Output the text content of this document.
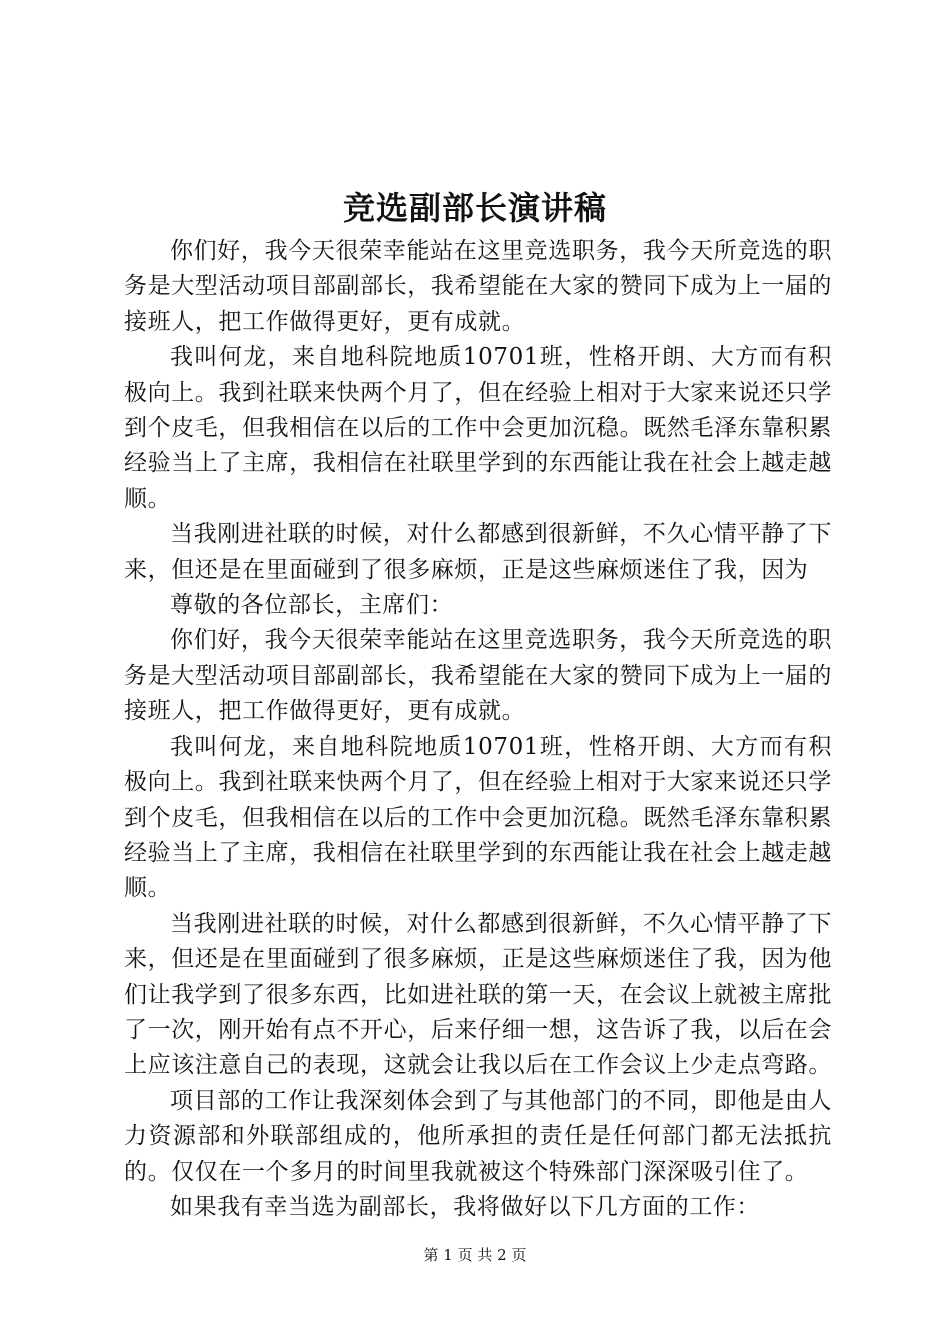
竞选副部长演讲稿

你们好，我今天很荣幸能站在这里竞选职务，我今天所竞选的职务是大型活动项目部副部长，我希望能在大家的赞同下成为上一届的接班人，把工作做得更好，更有成就。

我叫何龙，来自地科院地质10701班，性格开朗、大方而有积极向上。我到社联来快两个月了，但在经验上相对于大家来说还只学到个皮毛，但我相信在以后的工作中会更加沉稳。既然毛泽东靠积累经验当上了主席，我相信在社联里学到的东西能让我在社会上越走越顺。

当我刚进社联的时候，对什么都感到很新鲜，不久心情平静了下来，但还是在里面碰到了很多麻烦，正是这些麻烦迷住了我，因为

尊敬的各位部长，主席们：

你们好，我今天很荣幸能站在这里竞选职务，我今天所竞选的职务是大型活动项目部副部长，我希望能在大家的赞同下成为上一届的接班人，把工作做得更好，更有成就。

我叫何龙，来自地科院地质10701班，性格开朗、大方而有积极向上。我到社联来快两个月了，但在经验上相对于大家来说还只学到个皮毛，但我相信在以后的工作中会更加沉稳。既然毛泽东靠积累经验当上了主席，我相信在社联里学到的东西能让我在社会上越走越顺。

当我刚进社联的时候，对什么都感到很新鲜，不久心情平静了下来，但还是在里面碰到了很多麻烦，正是这些麻烦迷住了我，因为他们让我学到了很多东西，比如进社联的第一天，在会议上就被主席批了一次，刚开始有点不开心，后来仔细一想，这告诉了我，以后在会上应该注意自己的表现，这就会让我以后在工作会议上少走点弯路。

项目部的工作让我深刻体会到了与其他部门的不同，即他是由人力资源部和外联部组成的，他所承担的责任是任何部门都无法抵抗的。仅仅在一个多月的时间里我就被这个特殊部门深深吸引住了。

如果我有幸当选为副部长，我将做好以下几方面的工作：

第 1 页 共 2 页
